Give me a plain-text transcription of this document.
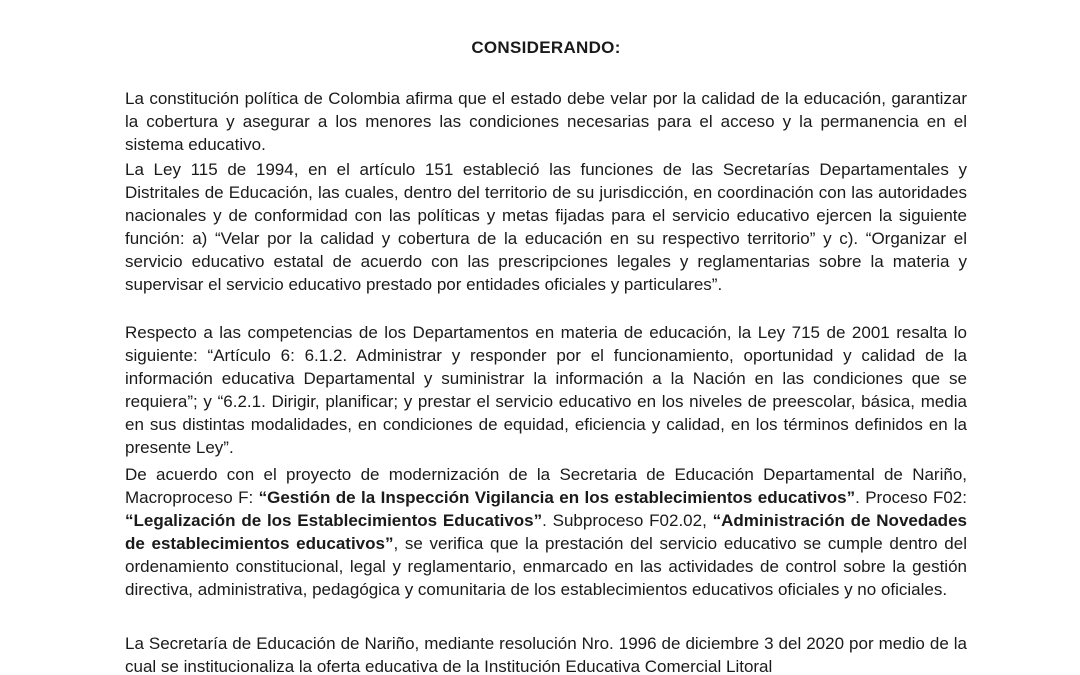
CONSIDERANDO:

La constitución política de Colombia afirma que el estado debe velar por la calidad de la educación, garantizar la cobertura y asegurar a los menores las condiciones necesarias para el acceso y la permanencia en el sistema educativo.

La Ley 115 de 1994, en el artículo 151 estableció las funciones de las Secretarías Departamentales y Distritales de Educación, las cuales, dentro del territorio de su jurisdicción, en coordinación con las autoridades nacionales y de conformidad con las políticas y metas fijadas para el servicio educativo ejercen la siguiente función: a) “Velar por la calidad y cobertura de la educación en su respectivo territorio” y c). “Organizar el servicio educativo estatal de acuerdo con las prescripciones legales y reglamentarias sobre la materia y supervisar el servicio educativo prestado por entidades oficiales y particulares”.

Respecto a las competencias de los Departamentos en materia de educación, la Ley 715 de 2001 resalta lo siguiente: “Artículo 6: 6.1.2. Administrar y responder por el funcionamiento, oportunidad y calidad de la información educativa Departamental y suministrar la información a la Nación en las condiciones que se requiera”; y “6.2.1. Dirigir, planificar; y prestar el servicio educativo en los niveles de preescolar, básica, media en sus distintas modalidades, en condiciones de equidad, eficiencia y calidad, en los términos definidos en la presente Ley”.

De acuerdo con el proyecto de modernización de la Secretaria de Educación Departamental de Nariño, Macroproceso F: “Gestión de la Inspección Vigilancia en los establecimientos educativos”. Proceso F02: “Legalización de los Establecimientos Educativos”. Subproceso F02.02, “Administración de Novedades de establecimientos educativos”, se verifica que la prestación del servicio educativo se cumple dentro del ordenamiento constitucional, legal y reglamentario, enmarcado en las actividades de control sobre la gestión directiva, administrativa, pedagógica y comunitaria de los establecimientos educativos oficiales y no oficiales.

La Secretaría de Educación de Nariño, mediante resolución Nro. 1996 de diciembre 3 del 2020 por medio de la cual se institucionaliza la oferta educativa de la Institución Educativa Comercial Litoral
